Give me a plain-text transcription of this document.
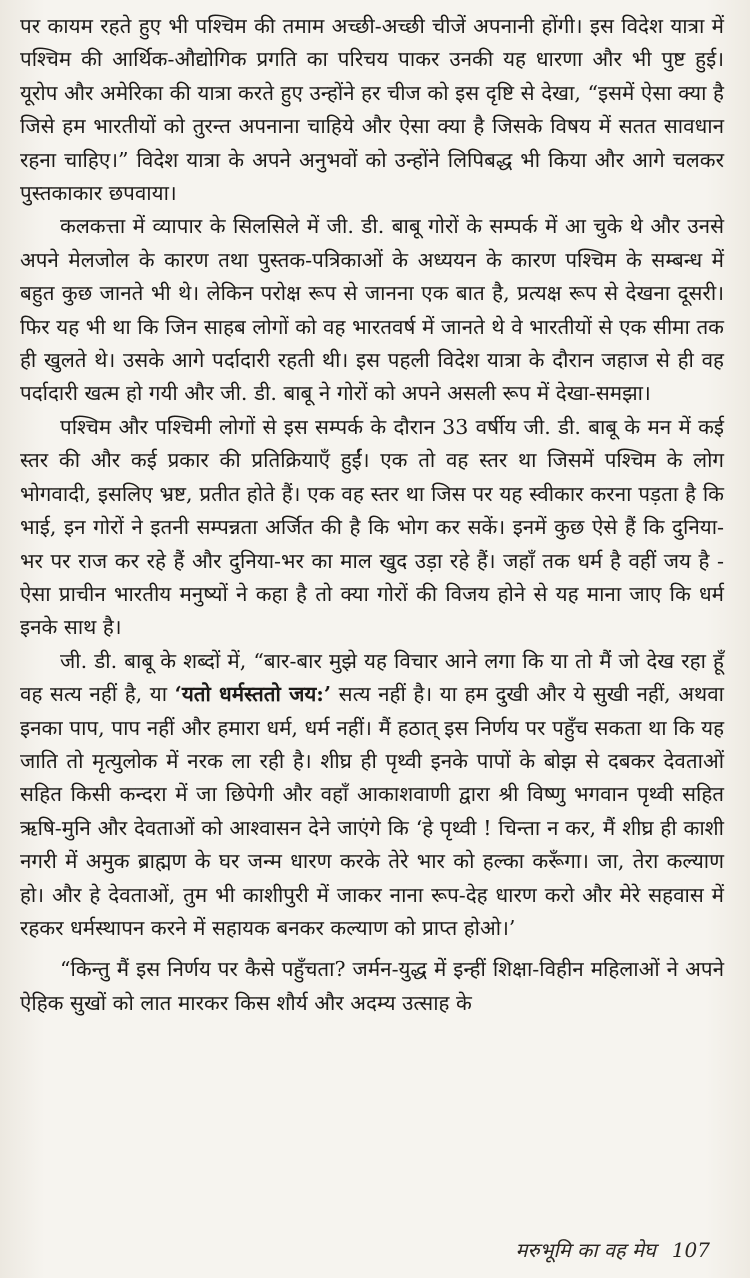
पर कायम रहते हुए भी पश्चिम की तमाम अच्छी-अच्छी चीजें अपनानी होंगी। इस विदेश यात्रा में पश्चिम की आर्थिक-औद्योगिक प्रगति का परिचय पाकर उनकी यह धारणा और भी पुष्ट हुई। यूरोप और अमेरिका की यात्रा करते हुए उन्होंने हर चीज को इस दृष्टि से देखा, “इसमें ऐसा क्या है जिसे हम भारतीयों को तुरन्त अपनाना चाहिये और ऐसा क्या है जिसके विषय में सतत सावधान रहना चाहिए।” विदेश यात्रा के अपने अनुभवों को उन्होंने लिपिबद्ध भी किया और आगे चलकर पुस्तकाकार छपवाया।

कलकत्ता में व्यापार के सिलसिले में जी. डी. बाबू गोरों के सम्पर्क में आ चुके थे और उनसे अपने मेलजोल के कारण तथा पुस्तक-पत्रिकाओं के अध्ययन के कारण पश्चिम के सम्बन्ध में बहुत कुछ जानते भी थे। लेकिन परोक्ष रूप से जानना एक बात है, प्रत्यक्ष रूप से देखना दूसरी। फिर यह भी था कि जिन साहब लोगों को वह भारतवर्ष में जानते थे वे भारतीयों से एक सीमा तक ही खुलते थे। उसके आगे पर्दादारी रहती थी। इस पहली विदेश यात्रा के दौरान जहाज से ही वह पर्दादारी खत्म हो गयी और जी. डी. बाबू ने गोरों को अपने असली रूप में देखा-समझा।

पश्चिम और पश्चिमी लोगों से इस सम्पर्क के दौरान 33 वर्षीय जी. डी. बाबू के मन में कई स्तर की और कई प्रकार की प्रतिक्रियाएँ हुईं। एक तो वह स्तर था जिसमें पश्चिम के लोग भोगवादी, इसलिए भ्रष्ट, प्रतीत होते हैं। एक वह स्तर था जिस पर यह स्वीकार करना पड़ता है कि भाई, इन गोरों ने इतनी सम्पन्नता अर्जित की है कि भोग कर सकें। इनमें कुछ ऐसे हैं कि दुनिया-भर पर राज कर रहे हैं और दुनिया-भर का माल खुद उड़ा रहे हैं। जहाँ तक धर्म है वहीं जय है - ऐसा प्राचीन भारतीय मनुष्यों ने कहा है तो क्या गोरों की विजय होने से यह माना जाए कि धर्म इनके साथ है।

जी. डी. बाबू के शब्दों में, “बार-बार मुझे यह विचार आने लगा कि या तो मैं जो देख रहा हूँ वह सत्य नहीं है, या ‘यतो धर्मस्ततो जय:’ सत्य नहीं है। या हम दुखी और ये सुखी नहीं, अथवा इनका पाप, पाप नहीं और हमारा धर्म, धर्म नहीं। मैं हठात् इस निर्णय पर पहुँच सकता था कि यह जाति तो मृत्युलोक में नरक ला रही है। शीघ्र ही पृथ्वी इनके पापों के बोझ से दबकर देवताओं सहित किसी कन्दरा में जा छिपेगी और वहाँ आकाशवाणी द्वारा श्री विष्णु भगवान पृथ्वी सहित ऋषि-मुनि और देवताओं को आश्वासन देने जाएंगे कि ‘हे पृथ्वी ! चिन्ता न कर, मैं शीघ्र ही काशी नगरी में अमुक ब्राह्मण के घर जन्म धारण करके तेरे भार को हल्का करूँगा। जा, तेरा कल्याण हो। और हे देवताओं, तुम भी काशीपुरी में जाकर नाना रूप-देह धारण करो और मेरे सहवास में रहकर धर्मस्थापन करने में सहायक बनकर कल्याण को प्राप्त होओ।’

“किन्तु मैं इस निर्णय पर कैसे पहुँचता? जर्मन-युद्ध में इन्हीं शिक्षा-विहीन महिलाओं ने अपने ऐहिक सुखों को लात मारकर किस शौर्य और अदम्य उत्साह के

मरुभूमि का वह मेघ 107
